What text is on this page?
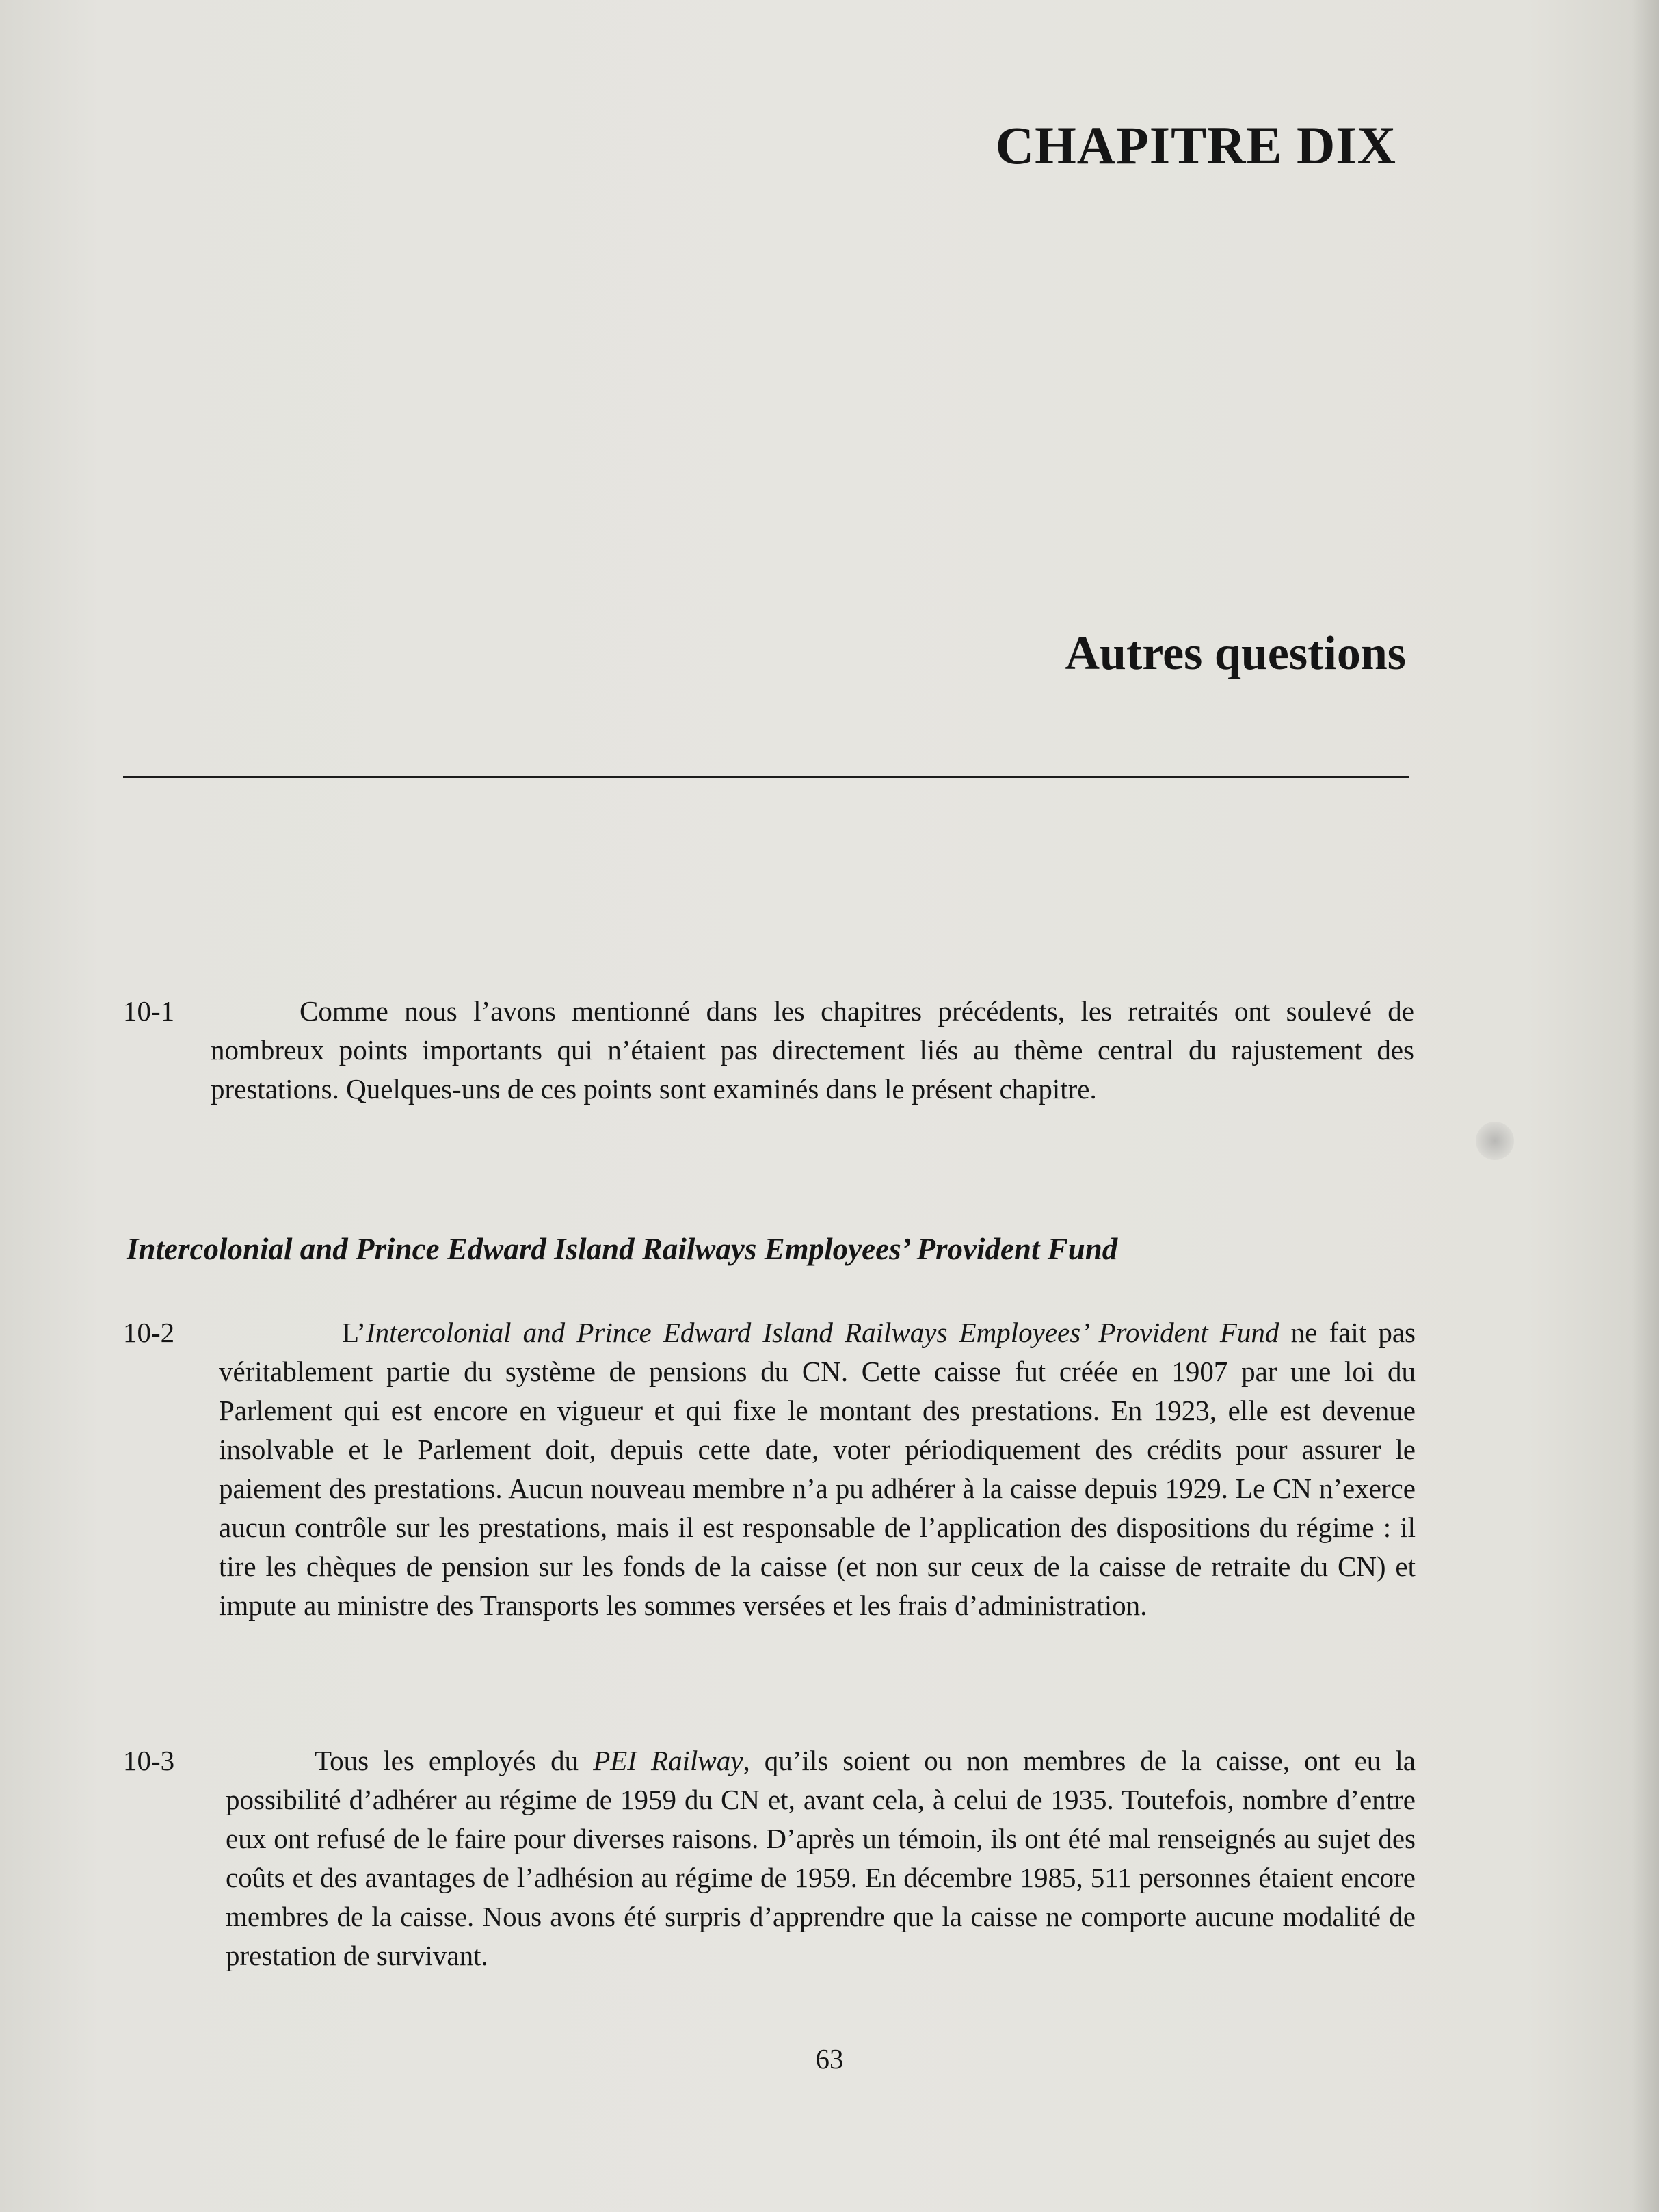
CHAPITRE DIX
Autres questions
10-1	Comme nous l’avons mentionné dans les chapitres précédents, les retraités ont soulevé de nombreux points importants qui n’étaient pas directement liés au thème central du rajustement des prestations. Quelques-uns de ces points sont examinés dans le présent chapitre.
Intercolonial and Prince Edward Island Railways Employees’ Provident Fund
10-2	L’Intercolonial and Prince Edward Island Railways Employees’ Provident Fund ne fait pas véritablement partie du système de pensions du CN. Cette caisse fut créée en 1907 par une loi du Parlement qui est encore en vigueur et qui fixe le montant des prestations. En 1923, elle est devenue insolvable et le Parlement doit, depuis cette date, voter périodiquement des crédits pour assurer le paiement des prestations. Aucun nouveau membre n’a pu adhérer à la caisse depuis 1929. Le CN n’exerce aucun contrôle sur les prestations, mais il est responsable de l’application des dispositions du régime : il tire les chèques de pension sur les fonds de la caisse (et non sur ceux de la caisse de retraite du CN) et impute au ministre des Transports les sommes versées et les frais d’administration.
10-3	Tous les employés du PEI Railway, qu’ils soient ou non membres de la caisse, ont eu la possibilité d’adhérer au régime de 1959 du CN et, avant cela, à celui de 1935. Toutefois, nombre d’entre eux ont refusé de le faire pour diverses raisons. D’après un témoin, ils ont été mal renseignés au sujet des coûts et des avantages de l’adhésion au régime de 1959. En décembre 1985, 511 personnes étaient encore membres de la caisse. Nous avons été surpris d’apprendre que la caisse ne comporte aucune modalité de prestation de survivant.
63
